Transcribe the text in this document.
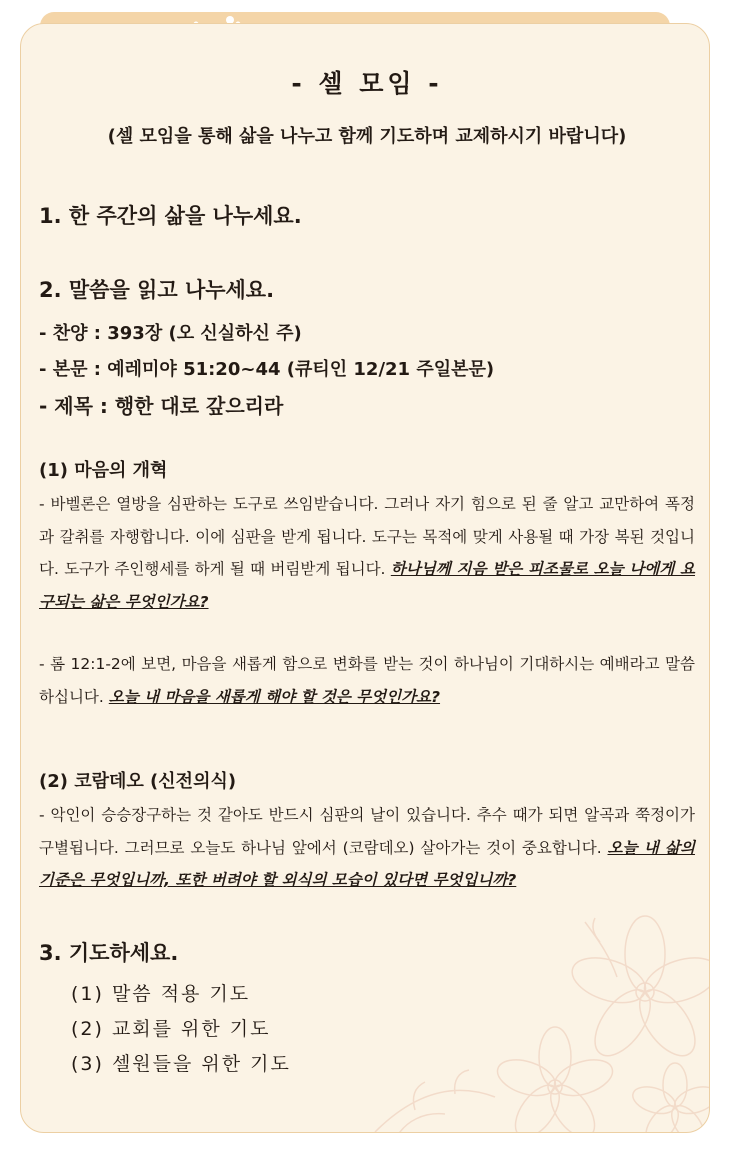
- 셀 모임 -
(셀 모임을 통해 삶을 나누고 함께 기도하며 교제하시기 바랍니다)
1. 한 주간의 삶을 나누세요.
2. 말씀을 읽고 나누세요.
- 찬양 : 393장 (오 신실하신 주)
- 본문 : 예레미야 51:20~44 (큐티인 12/21 주일본문)
- 제목 : 행한 대로 갚으리라
(1) 마음의 개혁
- 바벨론은 열방을 심판하는 도구로 쓰임받습니다. 그러나 자기 힘으로 된 줄 알고 교만하여 폭정과 갈취를 자행합니다. 이에 심판을 받게 됩니다. 도구는 목적에 맞게 사용될 때 가장 복된 것입니다. 도구가 주인행세를 하게 될 때 버림받게 됩니다. 하나님께 지음 받은 피조물로 오늘 나에게 요구되는 삶은 무엇인가요?
- 롬 12:1-2에 보면, 마음을 새롭게 함으로 변화를 받는 것이 하나님이 기대하시는 예배라고 말씀하십니다. 오늘 내 마음을 새롭게 해야 할 것은 무엇인가요?
(2) 코람데오 (신전의식)
- 악인이 승승장구하는 것 같아도 반드시 심판의 날이 있습니다. 추수 때가 되면 알곡과 쭉정이가 구별됩니다. 그러므로 오늘도 하나님 앞에서 (코람데오) 살아가는 것이 중요합니다. 오늘 내 삶의 기준은 무엇입니까, 또한 버려야 할 외식의 모습이 있다면 무엇입니까?
3. 기도하세요.
(1) 말씀 적용 기도
(2) 교회를 위한 기도
(3) 셀원들을 위한 기도
